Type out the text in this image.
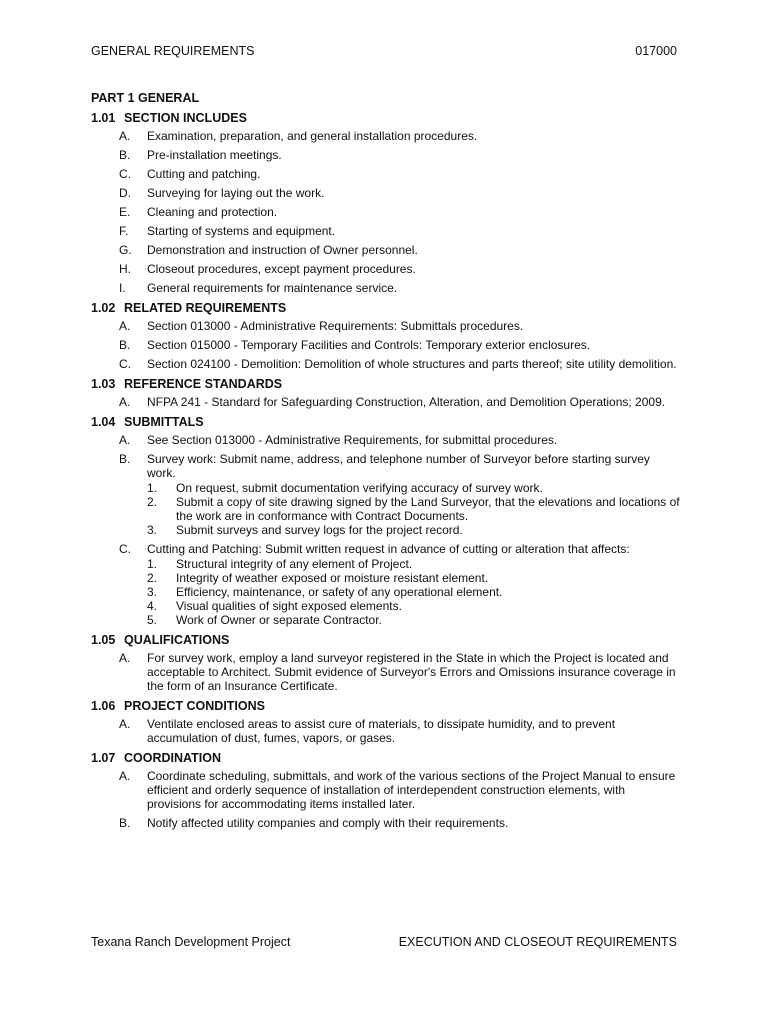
GENERAL REQUIREMENTS	017000
PART 1 GENERAL
1.01 SECTION INCLUDES
A. Examination, preparation, and general installation procedures.
B. Pre-installation meetings.
C. Cutting and patching.
D. Surveying for laying out the work.
E. Cleaning and protection.
F. Starting of systems and equipment.
G. Demonstration and instruction of Owner personnel.
H. Closeout procedures, except payment procedures.
I. General requirements for maintenance service.
1.02 RELATED REQUIREMENTS
A. Section 013000 - Administrative Requirements: Submittals procedures.
B. Section 015000 - Temporary Facilities and Controls: Temporary exterior enclosures.
C. Section 024100 - Demolition: Demolition of whole structures and parts thereof; site utility demolition.
1.03 REFERENCE STANDARDS
A. NFPA 241 - Standard for Safeguarding Construction, Alteration, and Demolition Operations; 2009.
1.04 SUBMITTALS
A. See Section 013000 - Administrative Requirements, for submittal procedures.
B. Survey work: Submit name, address, and telephone number of Surveyor before starting survey work.
1. On request, submit documentation verifying accuracy of survey work.
2. Submit a copy of site drawing signed by the Land Surveyor, that the elevations and locations of the work are in conformance with Contract Documents.
3. Submit surveys and survey logs for the project record.
C. Cutting and Patching: Submit written request in advance of cutting or alteration that affects:
1. Structural integrity of any element of Project.
2. Integrity of weather exposed or moisture resistant element.
3. Efficiency, maintenance, or safety of any operational element.
4. Visual qualities of sight exposed elements.
5. Work of Owner or separate Contractor.
1.05 QUALIFICATIONS
A. For survey work, employ a land surveyor registered in the State in which the Project is located and acceptable to Architect. Submit evidence of Surveyor's Errors and Omissions insurance coverage in the form of an Insurance Certificate.
1.06 PROJECT CONDITIONS
A. Ventilate enclosed areas to assist cure of materials, to dissipate humidity, and to prevent accumulation of dust, fumes, vapors, or gases.
1.07 COORDINATION
A. Coordinate scheduling, submittals, and work of the various sections of the Project Manual to ensure efficient and orderly sequence of installation of interdependent construction elements, with provisions for accommodating items installed later.
B. Notify affected utility companies and comply with their requirements.
Texana Ranch Development Project	EXECUTION AND CLOSEOUT REQUIREMENTS
